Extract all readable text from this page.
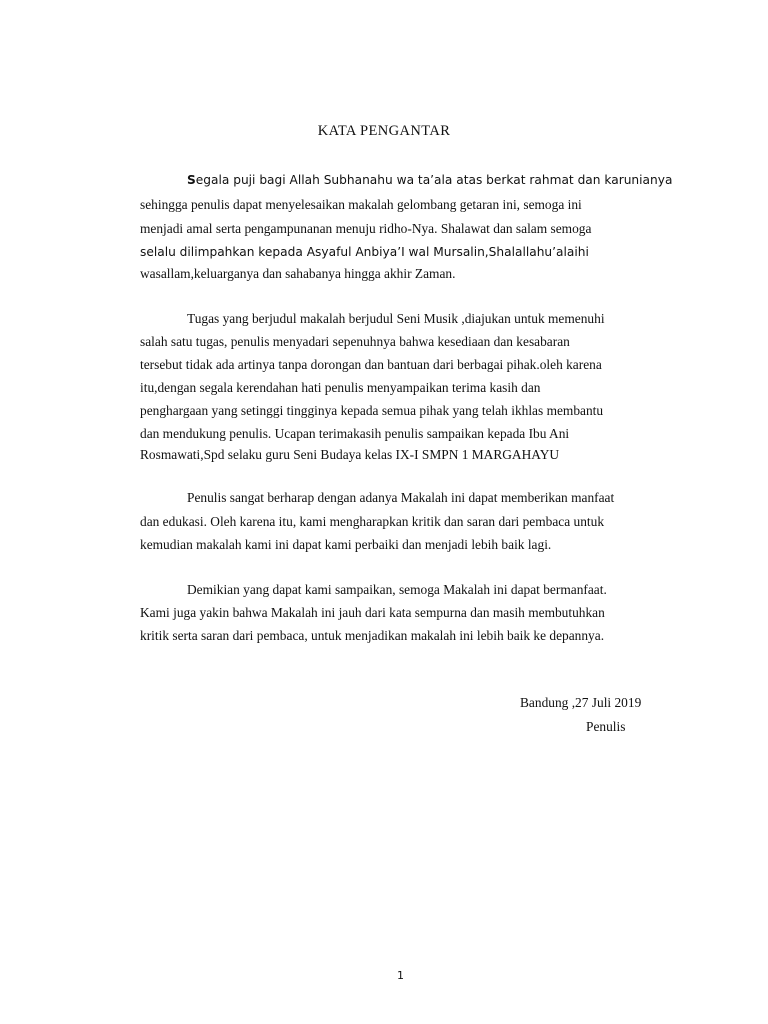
KATA PENGANTAR

Segala puji bagi Allah Subhanahu wa ta’ala atas berkat rahmat dan karunianya

sehingga penulis dapat menyelesaikan makalah gelombang getaran ini, semoga ini

menjadi amal serta pengampunanan menuju ridho-Nya. Shalawat dan salam semoga

selalu dilimpahkan kepada Asyaful Anbiya’I wal Mursalin,Shalallahu’alaihi

wasallam,keluarganya dan sahabanya hingga akhir Zaman.

Tugas yang berjudul makalah berjudul Seni Musik ,diajukan untuk memenuhi

salah satu tugas, penulis menyadari sepenuhnya bahwa kesediaan dan kesabaran

tersebut tidak ada artinya tanpa dorongan dan bantuan dari berbagai pihak.oleh karena

itu,dengan segala kerendahan hati penulis menyampaikan terima kasih dan

penghargaan yang setinggi tingginya kepada semua pihak yang telah ikhlas membantu

dan mendukung penulis. Ucapan terimakasih penulis sampaikan kepada Ibu Ani

Rosmawati,Spd selaku guru Seni Budaya kelas IX-I SMPN 1 MARGAHAYU

Penulis sangat berharap dengan adanya Makalah ini dapat memberikan manfaat

dan edukasi. Oleh karena itu, kami mengharapkan kritik dan saran dari pembaca untuk

kemudian makalah kami ini dapat kami perbaiki dan menjadi lebih baik lagi.

Demikian yang dapat kami sampaikan, semoga Makalah ini dapat bermanfaat.

Kami juga yakin bahwa Makalah ini jauh dari kata sempurna dan masih membutuhkan

kritik serta saran dari pembaca, untuk menjadikan makalah ini lebih baik ke depannya.

Bandung ,27 Juli 2019

Penulis

1
